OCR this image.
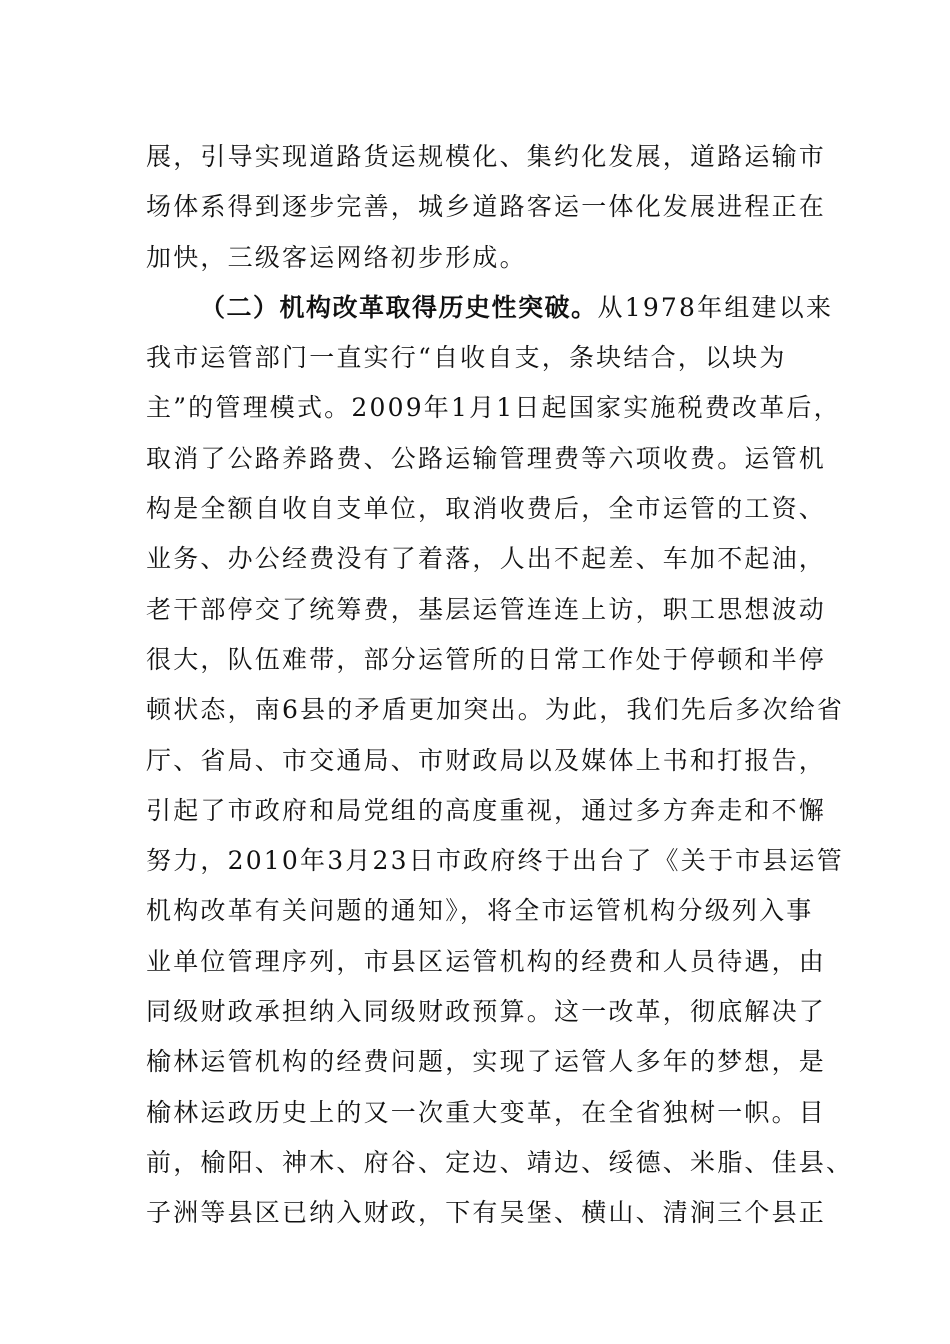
展，引导实现道路货运规模化、集约化发展，道路运输市
场体系得到逐步完善，城乡道路客运一体化发展进程正在
加快，三级客运网络初步形成。
（二）机构改革取得历史性突破。从1978年组建以来
我市运管部门一直实行“自收自支，条块结合，以块为
主”的管理模式。2009年1月1日起国家实施税费改革后，
取消了公路养路费、公路运输管理费等六项收费。运管机
构是全额自收自支单位，取消收费后，全市运管的工资、
业务、办公经费没有了着落，人出不起差、车加不起油，
老干部停交了统筹费，基层运管连连上访，职工思想波动
很大，队伍难带，部分运管所的日常工作处于停顿和半停
顿状态，南6县的矛盾更加突出。为此，我们先后多次给省
厅、省局、市交通局、市财政局以及媒体上书和打报告，
引起了市政府和局党组的高度重视，通过多方奔走和不懈
努力，2010年3月23日市政府终于出台了《关于市县运管
机构改革有关问题的通知》，将全市运管机构分级列入事
业单位管理序列，市县区运管机构的经费和人员待遇，由
同级财政承担纳入同级财政预算。这一改革，彻底解决了
榆林运管机构的经费问题，实现了运管人多年的梦想，是
榆林运政历史上的又一次重大变革，在全省独树一帜。目
前，榆阳、神木、府谷、定边、靖边、绥德、米脂、佳县、
子洲等县区已纳入财政，下有吴堡、横山、清涧三个县正
